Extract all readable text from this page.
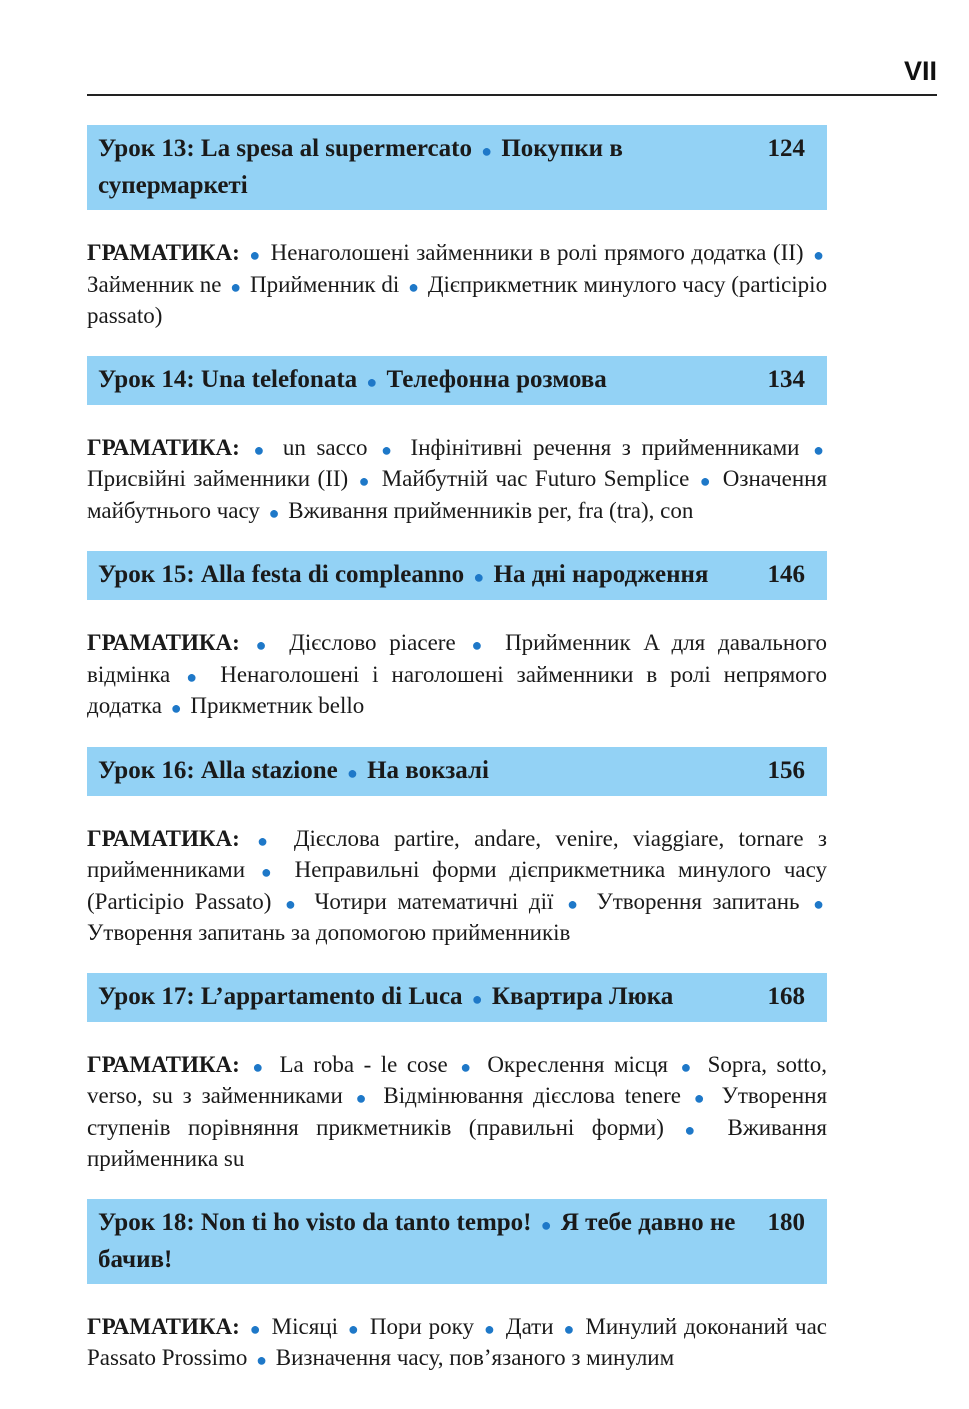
VII
Урок 13: La spesa al supermercato ● Покупки в супермаркеті
124
ГРАМАТИКА: ● Ненаголошені займенники в ролі прямого додатка (II) ● Займенник ne ● Прийменник di ● Дієприкметник минулого часу (participio passato)
Урок 14: Una telefonata ● Телефонна розмова	134
ГРАМАТИКА: ● un sacco ● Інфінітивні речення з прийменниками ● Присвійні займенники (II) ● Майбутній час Futuro Semplice ● Означення майбутнього часу ● Вживання прийменників per, fra (tra), con
Урок 15: Alla festa di compleanno ● На дні народження	146
ГРАМАТИКА: ● Дієслово piacere ● Прийменник A для давального відмінка ● Ненаголошені і наголошені займенники в ролі непрямого додатка ● Прикметник bello
Урок 16: Alla stazione ● На вокзалі	156
ГРАМАТИКА: ● Дієслова partire, andare, venire, viaggiare, tornare з прийменниками ● Неправильні форми дієприкметника минулого часу (Participio Passato) ● Чотири математичні дії ● Утворення запитань ● Утворення запитань за допомогою прийменників
Урок 17: L’appartamento di Luca ● Квартира Люка	168
ГРАМАТИКА: ● La roba - le cose ● Окреслення місця ● Sopra, sotto, verso, su з займенниками ● Відмінювання дієслова tenere ● Утворення ступенів порівняння прикметників (правильні форми) ● Вживання прийменника su
Урок 18: Non ti ho visto da tanto tempo! ● Я тебе давно не бачив!
180
ГРАМАТИКА: ● Місяці ● Пори року ● Дати ● Минулий доконаний час Passato Prossimo ● Визначення часу, пов’язаного з минулим
